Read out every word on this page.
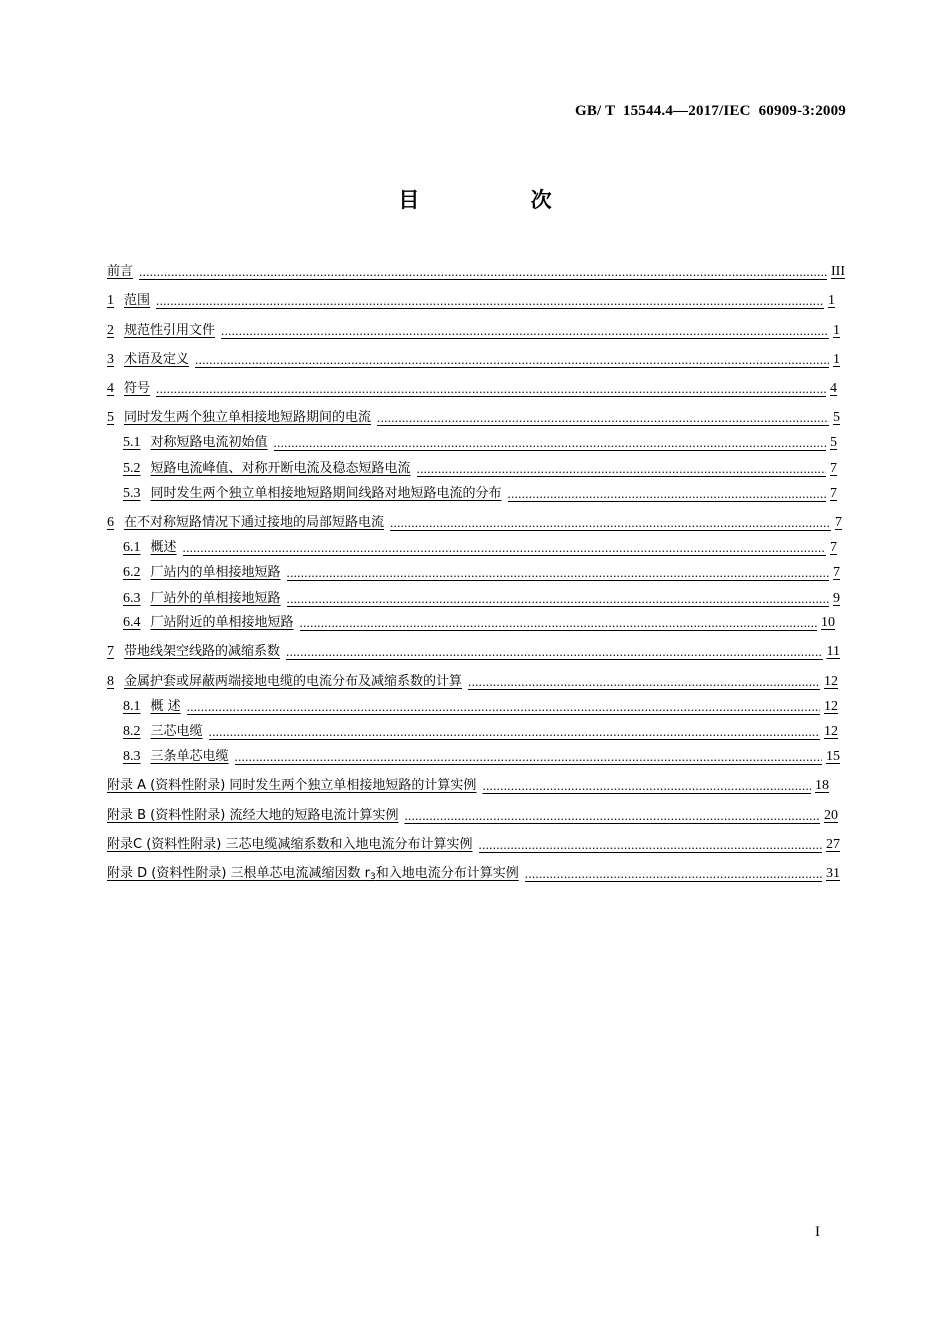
GB/ T  15544.4—2017/IEC  60909-3:2009
目 次
前言 .....	III
1 范围 .....	1
2 规范性引用文件 .....	1
3 术语及定义 .....	1
4 符号 .....	4
5 同时发生两个独立单相接地短路期间的电流 .....	5
5.1 对称短路电流初始值 .....	5
5.2 短路电流峰值、对称开断电流及稳态短路电流 .....	7
5.3 同时发生两个独立单相接地短路期间线路对地短路电流的分布 .....	7
6 在不对称短路情况下通过接地的局部短路电流 .....	7
6.1 概述 .....	7
6.2 厂站内的单相接地短路 .....	7
6.3 厂站外的单相接地短路 .....	9
6.4 厂站附近的单相接地短路 .....	10
7 带地线架空线路的减缩系数 .....	11
8 金属护套或屏蔽两端接地电缆的电流分布及减缩系数的计算 .....	12
8.1 概 述 .....	12
8.2 三芯电缆 .....	12
8.3 三条单芯电缆 .....	15
附录 A (资料性附录) 同时发生两个独立单相接地短路的计算实例 .....	18
附录 B (资料性附录) 流经大地的短路电流计算实例 .....	20
附录C (资料性附录) 三芯电缆减缩系数和入地电流分布计算实例 .....	27
附录 D (资料性附录) 三根单芯电流减缩因数 $r_3$和入地电流分布计算实例 .....	31
I
